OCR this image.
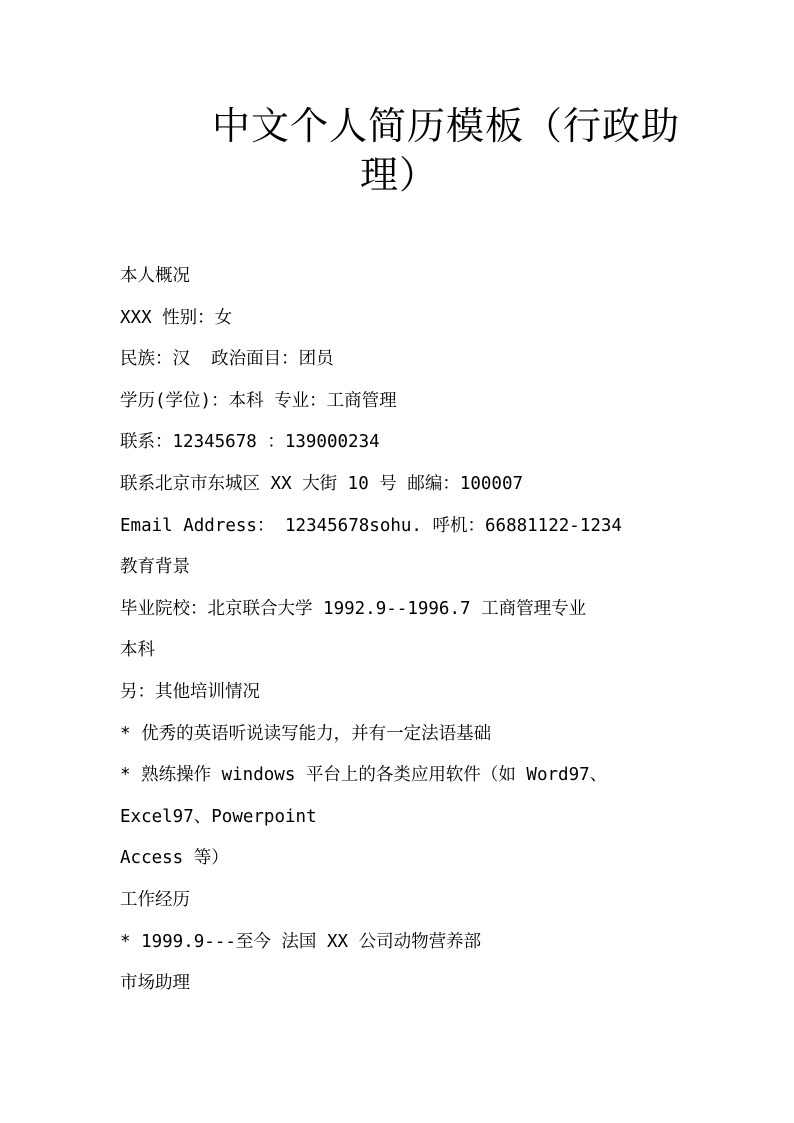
中文个人简历模板（行政助
理）
本人概况
XXX 性别：女
民族：汉  政治面目：团员
学历(学位)：本科 专业：工商管理
联系：12345678 ：139000234
联系北京市东城区 XX 大街 10 号 邮编：100007
Email Address： 12345678sohu. 呼机：66881122-1234
教育背景
毕业院校：北京联合大学 1992.9--1996.7 工商管理专业
本科
另：其他培训情况
* 优秀的英语听说读写能力，并有一定法语基础
* 熟练操作 windows 平台上的各类应用软件（如 Word97、
Excel97、Powerpoint
Access 等）
工作经历
* 1999.9---至今 法国 XX 公司动物营养部
市场助理
